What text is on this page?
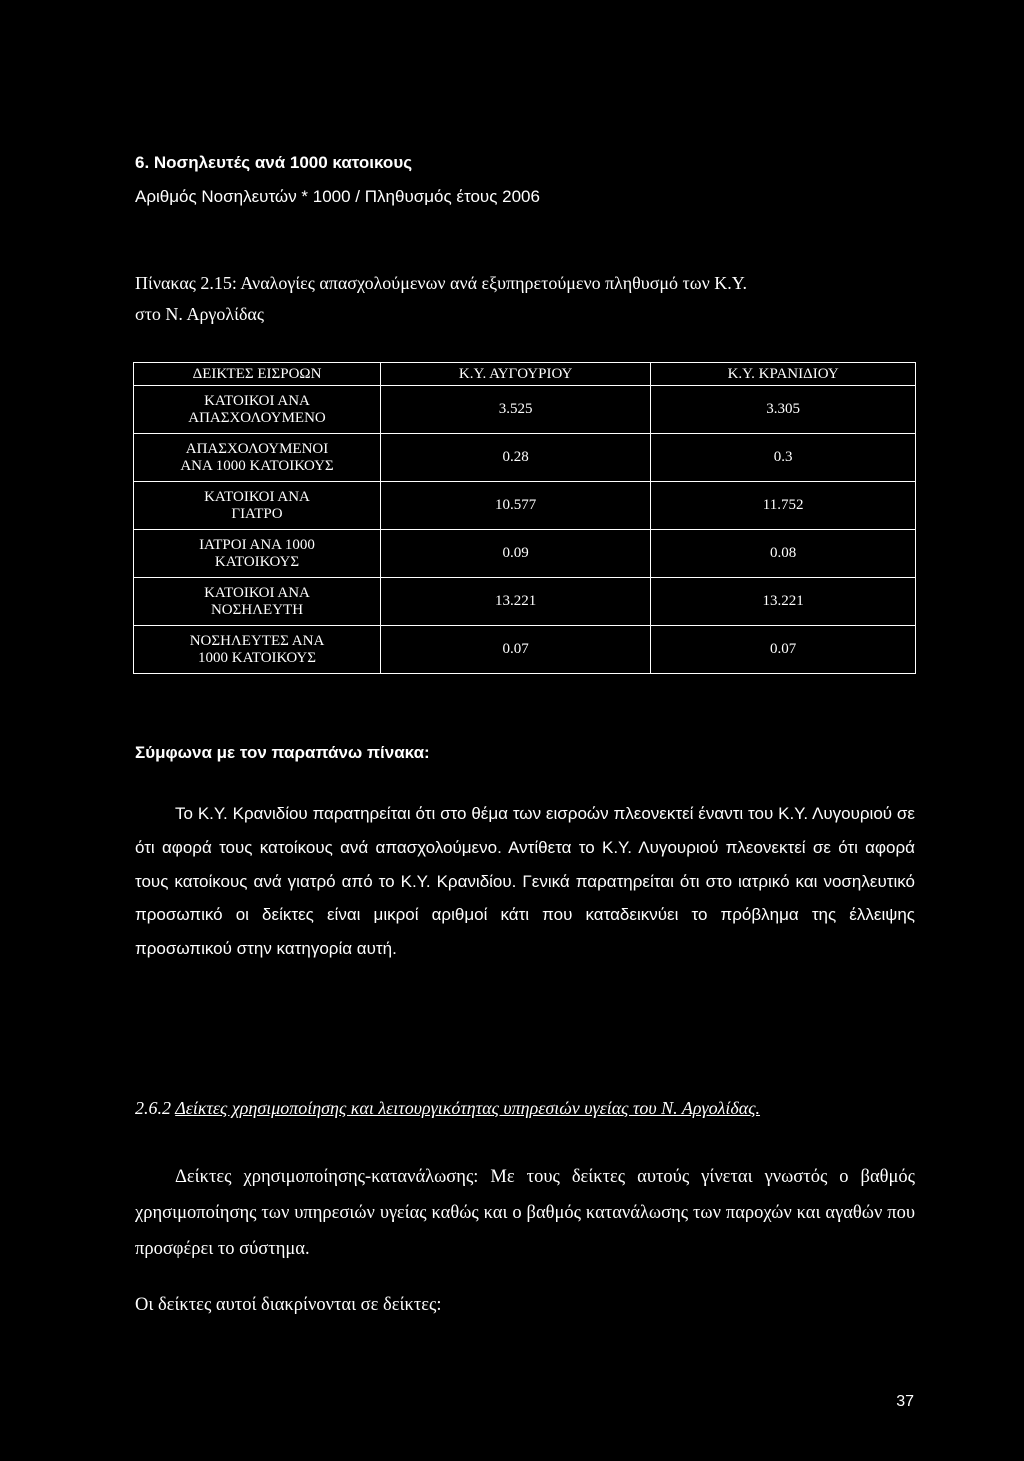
6. Νοσηλευτές ανά 1000 κατοικους
Αριθμός Νοσηλευτών * 1000 / Πληθυσμός έτους 2006
Πίνακας 2.15: Αναλογίες απασχολούμενων ανά εξυπηρετούμενο πληθυσμό των Κ.Υ.
στο Ν. Αργολίδας
ΔΕΙΚΤΕΣ ΕΙΣΡΟΩΝ	Κ.Υ. ΑΥΓΟΥΡΙΟΥ	Κ.Υ. ΚΡΑΝΙΔΙΟΥ

ΚΑΤΟΙΚΟΙ ΑΝΑ
ΑΠΑΣΧΟΛΟΥΜΕΝΟ	3.525	3.305

ΑΠΑΣΧΟΛΟΥΜΕΝΟΙ
ΑΝΑ 1000 ΚΑΤΟΙΚΟΥΣ	0.28	0.3

ΚΑΤΟΙΚΟΙ ΑΝΑ
ΓΙΑΤΡΟ	10.577	11.752

ΙΑΤΡΟΙ ΑΝΑ 1000
ΚΑΤΟΙΚΟΥΣ	0.09	0.08

ΚΑΤΟΙΚΟΙ ΑΝΑ
ΝΟΣΗΛΕΥΤΗ	13.221	13.221

ΝΟΣΗΛΕΥΤΕΣ ΑΝΑ
1000 ΚΑΤΟΙΚΟΥΣ	0.07	0.07
Σύμφωνα με τον παραπάνω πίνακα:
Το Κ.Υ. Κρανιδίου παρατηρείται ότι στο θέμα των εισροών πλεονεκτεί έναντι του Κ.Υ. Λυγουριού σε ότι αφορά τους κατοίκους ανά απασχολούμενο. Αντίθετα το Κ.Υ. Λυγουριού πλεονεκτεί σε ότι αφορά τους κατοίκους ανά γιατρό από το Κ.Υ. Κρανιδίου. Γενικά παρατηρείται ότι στο ιατρικό και νοσηλευτικό προσωπικό οι δείκτες είναι μικροί αριθμοί κάτι που καταδεικνύει το πρόβλημα της έλλειψης προσωπικού στην κατηγορία αυτή.
2.6.2 Δείκτες χρησιμοποίησης και λειτουργικότητας υπηρεσιών υγείας του Ν. Αργολίδας.
Δείκτες χρησιμοποίησης-κατανάλωσης: Με τους δείκτες αυτούς γίνεται γνωστός ο βαθμός χρησιμοποίησης των υπηρεσιών υγείας καθώς και ο βαθμός κατανάλωσης των παροχών και αγαθών που προσφέρει το σύστημα.
Οι δείκτες αυτοί διακρίνονται σε δείκτες:
37
